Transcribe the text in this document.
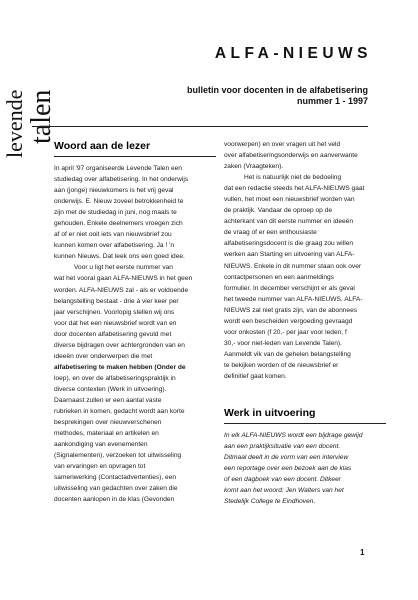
levende talen
ALFA-NIEUWS
bulletin voor docenten in de alfabetisering
nummer 1 - 1997
Woord aan de lezer

In april '97 organiseerde Levende Talen een

studiedag over alfabetisering. In het onderwijs

aan (jonge) nieuwkomers is het vrij geval

onderwijs. E. Nieuw zoveel betrokkenheid te

zijn met de studiedag in juni, nog maals te

gehouden. Enkele deelnemers vroegen zich

af of er niet ooit iets van nieuwsbrief zou

kunnen komen over alfabetisering. Ja ! 'n

kunnen Nieuws. Dat leek ons een goed idee.

Voor u ligt het eerste nummer van

wat het vooral gaan ALFA-NIEUWS in het geen

worden. ALFA-NIEUWS zal - als er voldoende

belangstelling bestaat - drie à vier keer per

jaar verschijnen. Voorlopig stellen wij ons

voor dat het een nieuwsbrief wordt van en

door docenten alfabetisering gevuld met

diverse bijdragen over achtergronden van en

ideeën over onderwerpen die met

alfabetisering te maken hebben (Onder de

loep), en over de alfabetiseringspraktijk in

diverse contexten (Werk in uitvoering).

Daarnaast zullen er een aantal vaste

rubrieken in komen, gedacht wordt aan korte

besprekingen over nieuwverschenen

methodes, materiaal en artikelen en

aankondiging van evenementen

(Signalementen), verzoeken tot uitwisseling

van ervaringen en opvragen tot

samenwerking (Contactadvertenties), een

uitwisseling van gedachten over zaken die

docenten aanlopen in de klas (Gevonden

voorwerpen) en over vragen uit het veld

over alfabetiseringsonderwijs en aanverwante

zaken (Vraagteken).

Het is natuurlijk niet de bedoeling

dat een redactie steeds het ALFA-NIEUWS gaat

vullen, het moet een nieuwsbrief worden van

de praktijk. Vandaar de oproep op de

achterkant van dit eerste nummer en ideeën

de vraag of er een enthousiaste

alfabetiseringsdocent is die graag zou willen

werken aan Starting en uitvoering van ALFA-

NIEUWS. Enkele in dit nummer staan ook over

contactpersonen en een aanmeldings

formulier. In december verschijnt er als geval

het tweede nummer van ALFA-NIEUWS. ALFA-

NIEUWS zal niet gratis zijn, van de abonnees

wordt een bescheiden vergoeding gevraagd

voor onkosten (f 20,- per jaar voor leden, f

30,- voor niet-leden van Levende Talen).

Aanmeldt vik van de gehelen belangstelling

te bekijken worden of de nieuwsbrief er

definitief gaat komen.

Werk in uitvoering

In elk ALFA-NIEUWS wordt een bijdrage gewijd

aan een praktijksituatie van een docent.

Ditmaal deelt in de vorm van een interview

een reportage over een bezoek aan de klas

of een dagboek van een docent. Ditkeer

komt aan het woord: Jen Walters van het

Stedelijk College te Eindhoven.

1
